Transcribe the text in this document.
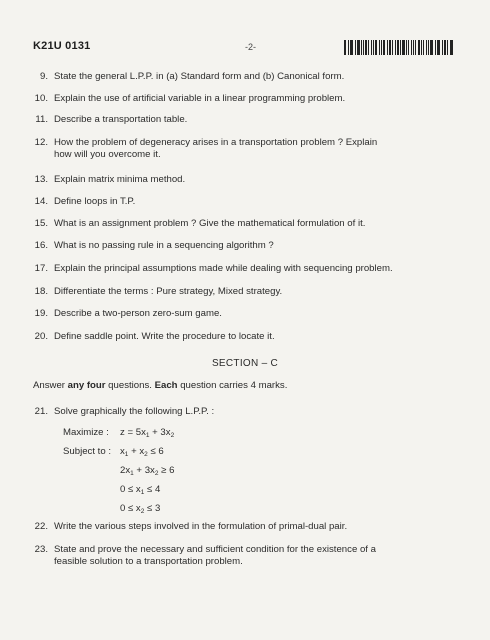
K21U 0131	-2-

9. State the general L.P.P. in (a) Standard form and (b) Canonical form.
10. Explain the use of artificial variable in a linear programming problem.
11. Describe a transportation table.
12. How the problem of degeneracy arises in a transportation problem ? Explain
how will you overcome it.
13. Explain matrix minima method.
14. Define loops in T.P.
15. What is an assignment problem ? Give the mathematical formulation of it.
16. What is no passing rule in a sequencing algorithm ?
17. Explain the principal assumptions made while dealing with sequencing problem.
18. Differentiate the terms : Pure strategy, Mixed strategy.
19. Describe a two-person zero-sum game.
20. Define saddle point. Write the procedure to locate it.
SECTION – C
Answer any four questions. Each question carries 4 marks.
21. Solve graphically the following L.P.P. :
Maximize : $z = 5x_1 + 3x_2$
Subject to : $x_1 + x_2 \le 6$
$2x_1 + 3x_2 \ge 6$
$0 \le x_1 \le 4$
$0 \le x_2 \le 3$
22. Write the various steps involved in the formulation of primal-dual pair.
23. State and prove the necessary and sufficient condition for the existence of a
feasible solution to a transportation problem.
